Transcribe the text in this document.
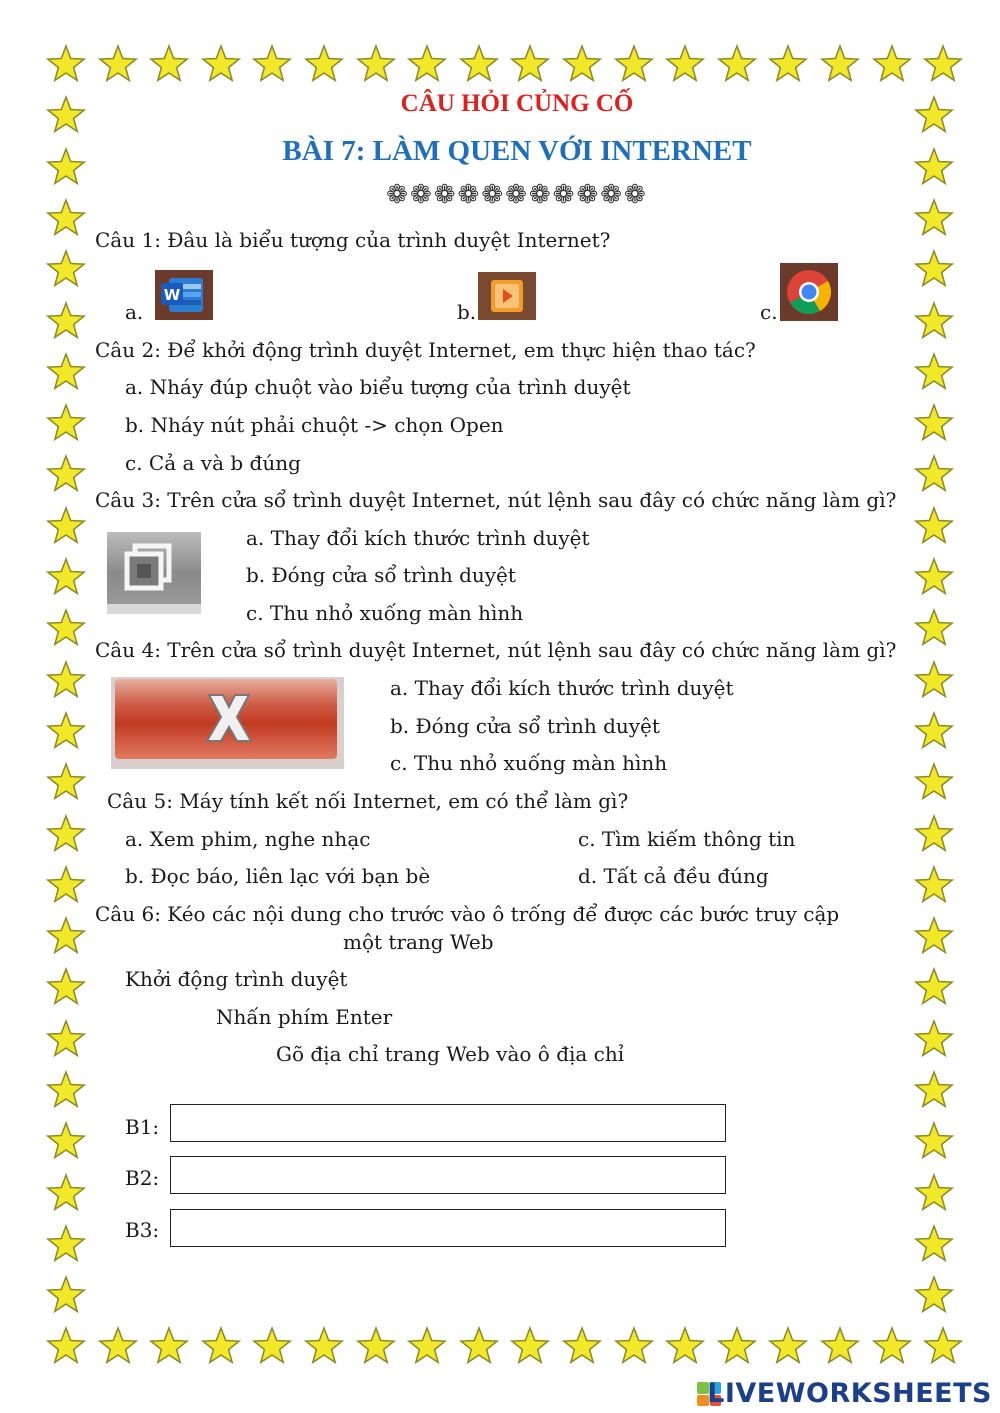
CÂU HỎI CỦNG CỐ
BÀI 7: LÀM QUEN VỚI INTERNET
❁❁❁❁❁❁❁❁❁❁❁
Câu 1: Đâu là biểu tượng của trình duyệt Internet?
a.
W
b.	c.
Câu 2: Để khởi động trình duyệt Internet, em thực hiện thao tác?
a. Nháy đúp chuột vào biểu tượng của trình duyệt
b. Nháy nút phải chuột -> chọn Open
c. Cả a và b đúng
Câu 3: Trên cửa sổ trình duyệt Internet, nút lệnh sau đây có chức năng làm gì?
a. Thay đổi kích thước trình duyệt
b. Đóng cửa sổ trình duyệt
c. Thu nhỏ xuống màn hình
Câu 4: Trên cửa sổ trình duyệt Internet, nút lệnh sau đây có chức năng làm gì?
a. Thay đổi kích thước trình duyệt
b. Đóng cửa sổ trình duyệt
c. Thu nhỏ xuống màn hình
Câu 5: Máy tính kết nối Internet, em có thể làm gì?
a. Xem phim, nghe nhạc
b. Đọc báo, liên lạc với bạn bè
c. Tìm kiếm thông tin
d. Tất cả đều đúng
Câu 6: Kéo các nội dung cho trước vào ô trống để được các bước truy cập
một trang Web
Khởi động trình duyệt
Nhấn phím Enter
Gõ địa chỉ trang Web vào ô địa chỉ
B1:
B2:
B3:
LIVEWORKSHEETS
